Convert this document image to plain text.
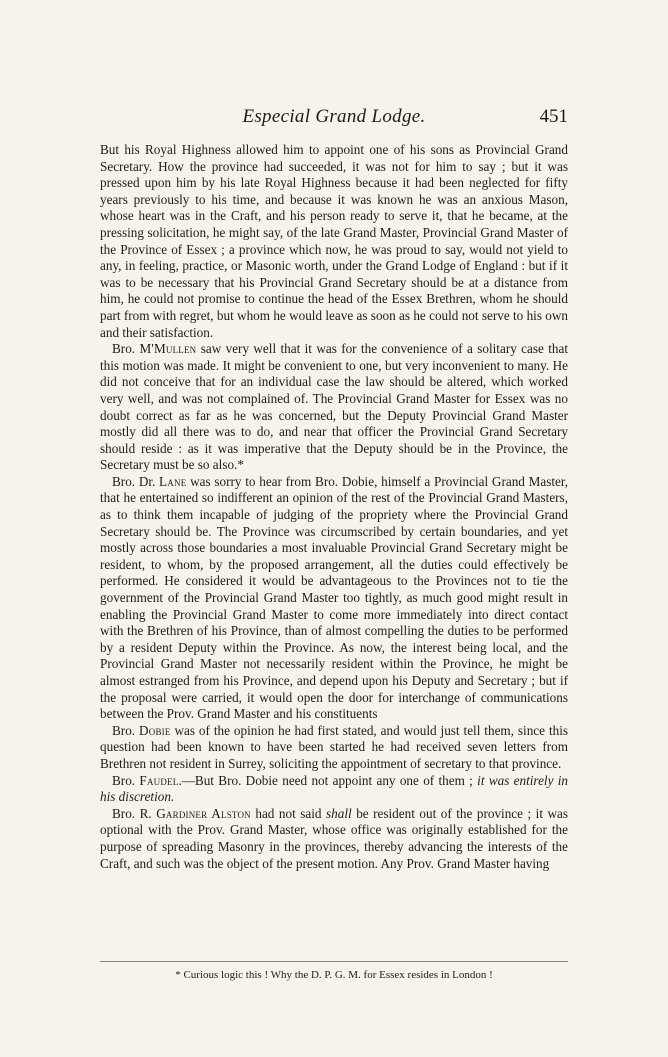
Especial Grand Lodge.	451

But his Royal Highness allowed him to appoint one of his sons as Provincial Grand Secretary. How the province had succeeded, it was not for him to say ; but it was pressed upon him by his late Royal Highness because it had been neglected for fifty years previously to his time, and because it was known he was an anxious Mason, whose heart was in the Craft, and his person ready to serve it, that he became, at the pressing solicitation, he might say, of the late Grand Master, Provincial Grand Master of the Province of Essex ; a province which now, he was proud to say, would not yield to any, in feeling, practice, or Masonic worth, under the Grand Lodge of England : but if it was to be necessary that his Provincial Grand Secretary should be at a distance from him, he could not promise to continue the head of the Essex Brethren, whom he should part from with regret, but whom he would leave as soon as he could not serve to his own and their satisfaction.

Bro. M'Mullen saw very well that it was for the convenience of a solitary case that this motion was made. It might be convenient to one, but very inconvenient to many. He did not conceive that for an individual case the law should be altered, which worked very well, and was not complained of. The Provincial Grand Master for Essex was no doubt correct as far as he was concerned, but the Deputy Provincial Grand Master mostly did all there was to do, and near that officer the Provincial Grand Secretary should reside : as it was imperative that the Deputy should be in the Province, the Secretary must be so also.*

Bro. Dr. Lane was sorry to hear from Bro. Dobie, himself a Provincial Grand Master, that he entertained so indifferent an opinion of the rest of the Provincial Grand Masters, as to think them incapable of judging of the propriety where the Provincial Grand Secretary should be. The Province was circumscribed by certain boundaries, and yet mostly across those boundaries a most invaluable Provincial Grand Secretary might be resident, to whom, by the proposed arrangement, all the duties could effectively be performed. He considered it would be advantageous to the Provinces not to tie the government of the Provincial Grand Master too tightly, as much good might result in enabling the Provincial Grand Master to come more immediately into direct contact with the Brethren of his Province, than of almost compelling the duties to be performed by a resident Deputy within the Province. As now, the interest being local, and the Provincial Grand Master not necessarily resident within the Province, he might be almost estranged from his Province, and depend upon his Deputy and Secretary ; but if the proposal were carried, it would open the door for interchange of communications between the Prov. Grand Master and his constituents

Bro. Dobie was of the opinion he had first stated, and would just tell them, since this question had been known to have been started he had received seven letters from Brethren not resident in Surrey, soliciting the appointment of secretary to that province.

Bro. Faudel.—But Bro. Dobie need not appoint any one of them ; it was entirely in his discretion.

Bro. R. Gardiner Alston had not said shall be resident out of the province ; it was optional with the Prov. Grand Master, whose office was originally established for the purpose of spreading Masonry in the provinces, thereby advancing the interests of the Craft, and such was the object of the present motion. Any Prov. Grand Master having

* Curious logic this ! Why the D. P. G. M. for Essex resides in London !
